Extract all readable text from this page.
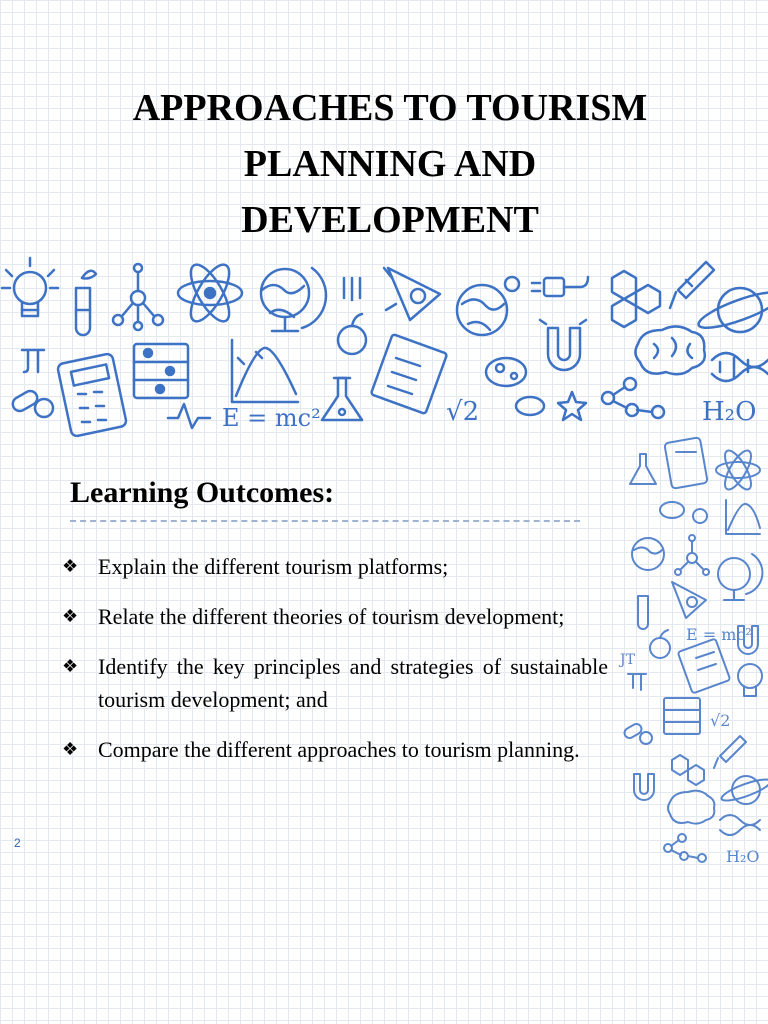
APPROACHES TO TOURISM
PLANNING AND
DEVELOPMENT
E = mc²	√2	H₂O
E = mc²
√2
H₂O
JT
Learning Outcomes:
❖ Explain the different tourism platforms;
❖ Relate the different theories of tourism development;
❖ Identify the key principles and strategies of sustainable tourism development; and
❖ Compare the different approaches to tourism planning.
2
